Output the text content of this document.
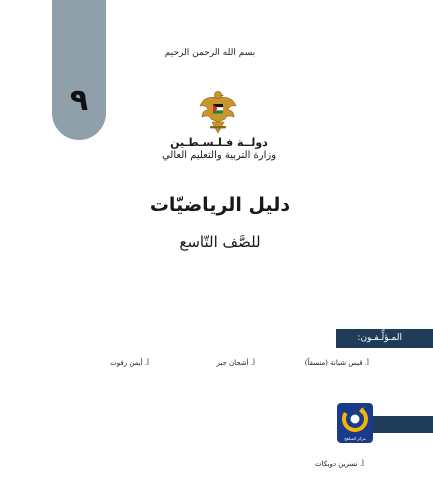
٩
بسم الله الرحمن الرحيم
دولــة فـلـسـطـين
وزارة التربية والتعليم العالي
دليل الرياضيّات
للصَّف التّاسع
المـؤلِّـفـون:
أ. قيس شبانة (منسقاً)
أ. أشجان جبر
أ. أيمن رفوت
مركز المناهج
أ. نسرين دويكات
